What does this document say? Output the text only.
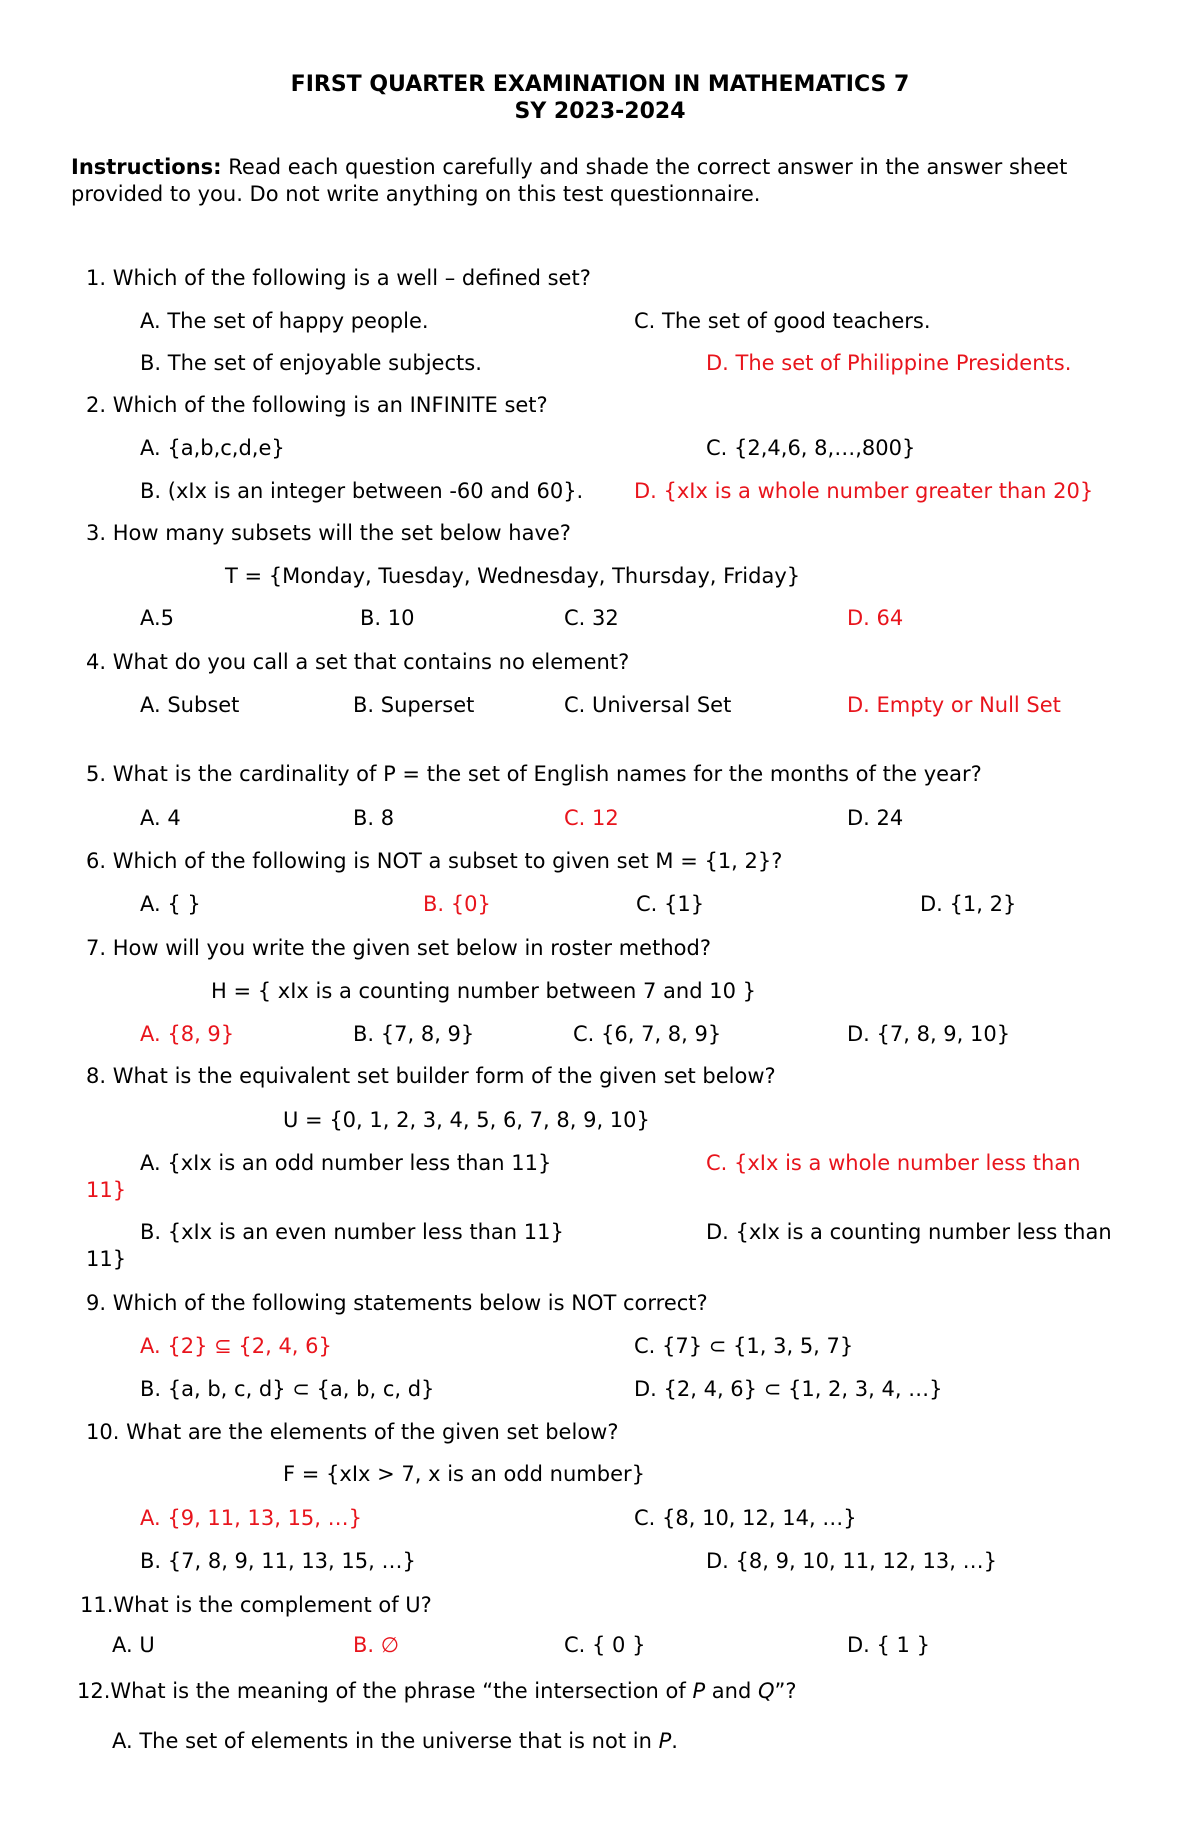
FIRST QUARTER EXAMINATION IN MATHEMATICS 7
SY 2023-2024
Instructions: Read each question carefully and shade the correct answer in the answer sheet provided to you. Do not write anything on this test questionnaire.
1. Which of the following is a well – defined set?
A. The set of happy people.	C. The set of good teachers.
B. The set of enjoyable subjects.	D. The set of Philippine Presidents.
2. Which of the following is an INFINITE set?
A. {a,b,c,d,e}	C. {2,4,6, 8,…,800}
B. (xIx is an integer between -60 and 60}. D. {xIx is a whole number greater than 20}
3. How many subsets will the set below have?
T = {Monday, Tuesday, Wednesday, Thursday, Friday}
A.5	B. 10	C. 32	D. 64
4. What do you call a set that contains no element?
A. Subset	B. Superset	C. Universal Set	D. Empty or Null Set
5. What is the cardinality of P = the set of English names for the months of the year?
A. 4	B. 8	C. 12	D. 24
6. Which of the following is NOT a subset to given set M = {1, 2}?
A. { }	B. {0}	C. {1}	D. {1, 2}
7. How will you write the given set below in roster method?
H = { xIx is a counting number between 7 and 10 }
A. {8, 9}	B. {7, 8, 9}	C. {6, 7, 8, 9}	D. {7, 8, 9, 10}
8. What is the equivalent set builder form of the given set below?
U = {0, 1, 2, 3, 4, 5, 6, 7, 8, 9, 10}
A. {xIx is an odd number less than 11}	C. {xIx is a whole number less than
11}
B. {xIx is an even number less than 11}	D. {xIx is a counting number less than
11}
9. Which of the following statements below is NOT correct?
A. {2} ⊆ {2, 4, 6}	C. {7} ⊂ {1, 3, 5, 7}
B. {a, b, c, d} ⊂ {a, b, c, d}	D. {2, 4, 6} ⊂ {1, 2, 3, 4, …}
10. What are the elements of the given set below?
F = {xIx > 7, x is an odd number}
A. {9, 11, 13, 15, …}	C. {8, 10, 12, 14, …}
B. {7, 8, 9, 11, 13, 15, …}	D. {8, 9, 10, 11, 12, 13, …}
11.What is the complement of U?
A. U	B. ∅	C. { 0 }	D. { 1 }
12.What is the meaning of the phrase “the intersection of P and Q”?
A. The set of elements in the universe that is not in P.
